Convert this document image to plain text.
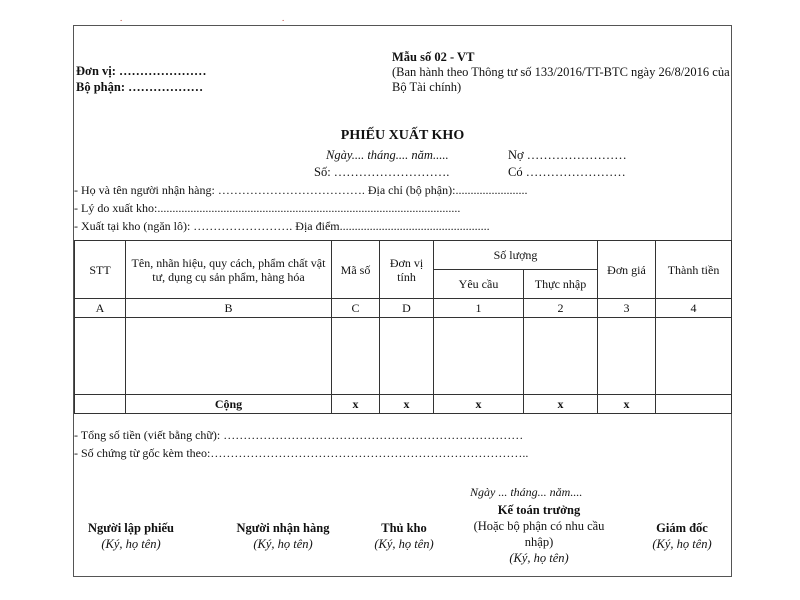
.	.
Đơn vị: …………………
Bộ phận: ………………
Mẫu số 02 - VT
(Ban hành theo Thông tư số 133/2016/TT-BTC ngày 26/8/2016 của Bộ Tài chính)
PHIẾU XUẤT KHO
Ngày.... tháng.... năm.....
Số: ……………………….
Nợ ……………………
Có ……………………
- Họ và tên người nhận hàng: ………………………………. Địa chỉ (bộ phận):........................
- Lý do xuất kho:.....................................................................................................
- Xuất tại kho (ngăn lô): ……………………. Địa điểm..................................................
STT	Tên, nhãn hiệu, quy cách, phẩm chất vật tư, dụng cụ sản phẩm, hàng hóa	Mã số	Đơn vị tính	Số lượng		Đơn giá	Thành tiền
				Yêu cầu	Thực nhập		
A	B	C	D	1	2	3	4

	Cộng	x	x	x	x	x	
- Tổng số tiền (viết bằng chữ): …………………………………………………………………
- Số chứng từ gốc kèm theo:……………………………………………………………………..
Ngày ... tháng... năm....
Người lập phiếu
(Ký, họ tên)
Người nhận hàng
(Ký, họ tên)
Thủ kho
(Ký, họ tên)
Kế toán trưởng
(Hoặc bộ phận có nhu cầu nhập)
(Ký, họ tên)
Giám đốc
(Ký, họ tên)
